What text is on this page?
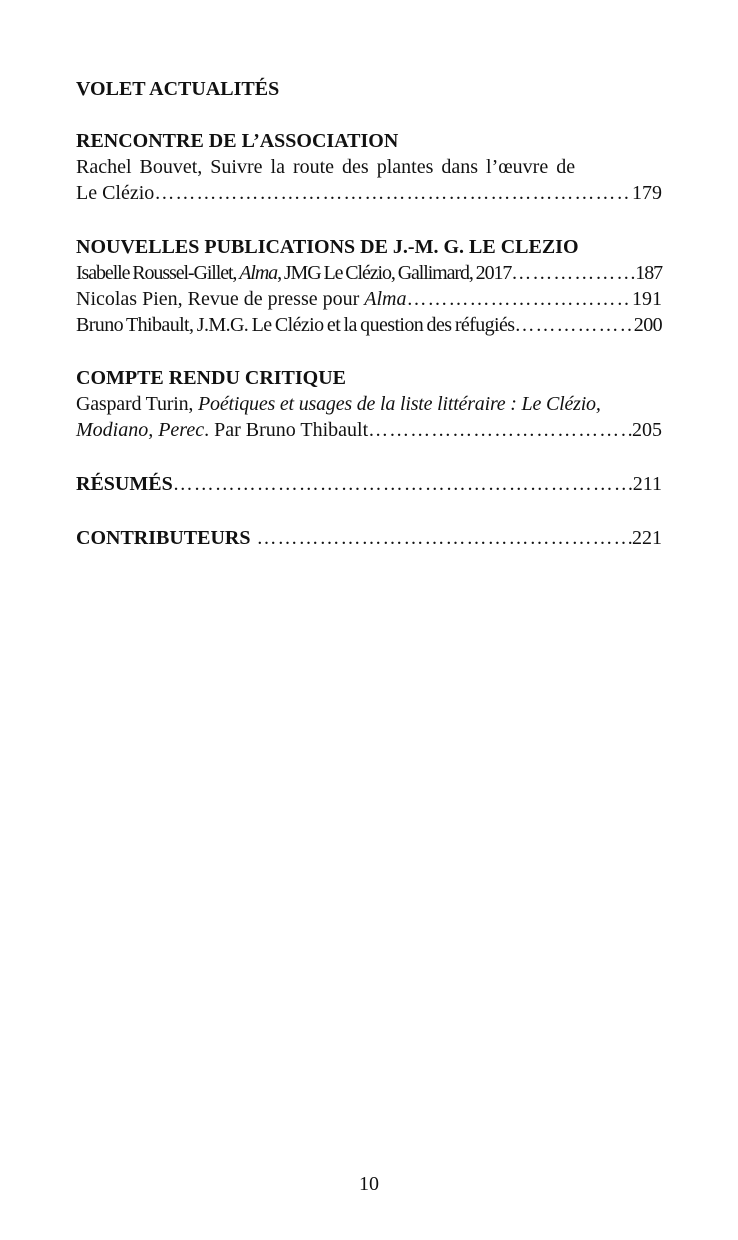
VOLET ACTUALITÉS
RENCONTRE DE L’ASSOCIATION
Rachel Bouvet, Suivre la route des plantes dans l’œuvre de
Le Clézio ……………………………………………………………………………………………………………………………………………………	179
NOUVELLES PUBLICATIONS DE J.-M. G. LE CLEZIO
Isabelle Roussel-Gillet, Alma, JMG Le Clézio, Gallimard, 2017 ……………………………………………………………………………………………………………………………………………………	187
Nicolas Pien, Revue de presse pour Alma ……………………………………………………………………………………………………………………………………………………	191
Bruno Thibault, J.M.G. Le Clézio et la question des réfugiés ……………………………………………………………………………………………………………………………………………………	200
COMPTE RENDU CRITIQUE
Gaspard Turin, Poétiques et usages de la liste littéraire : Le Clézio,
Modiano, Perec. Par Bruno Thibault ……………………………………………………………………………………………………………………………………………………	205
RÉSUMÉS ……………………………………………………………………………………………………………………………………………………	211
CONTRIBUTEURS ……………………………………………………………………………………………………………………………………………………	221
10
